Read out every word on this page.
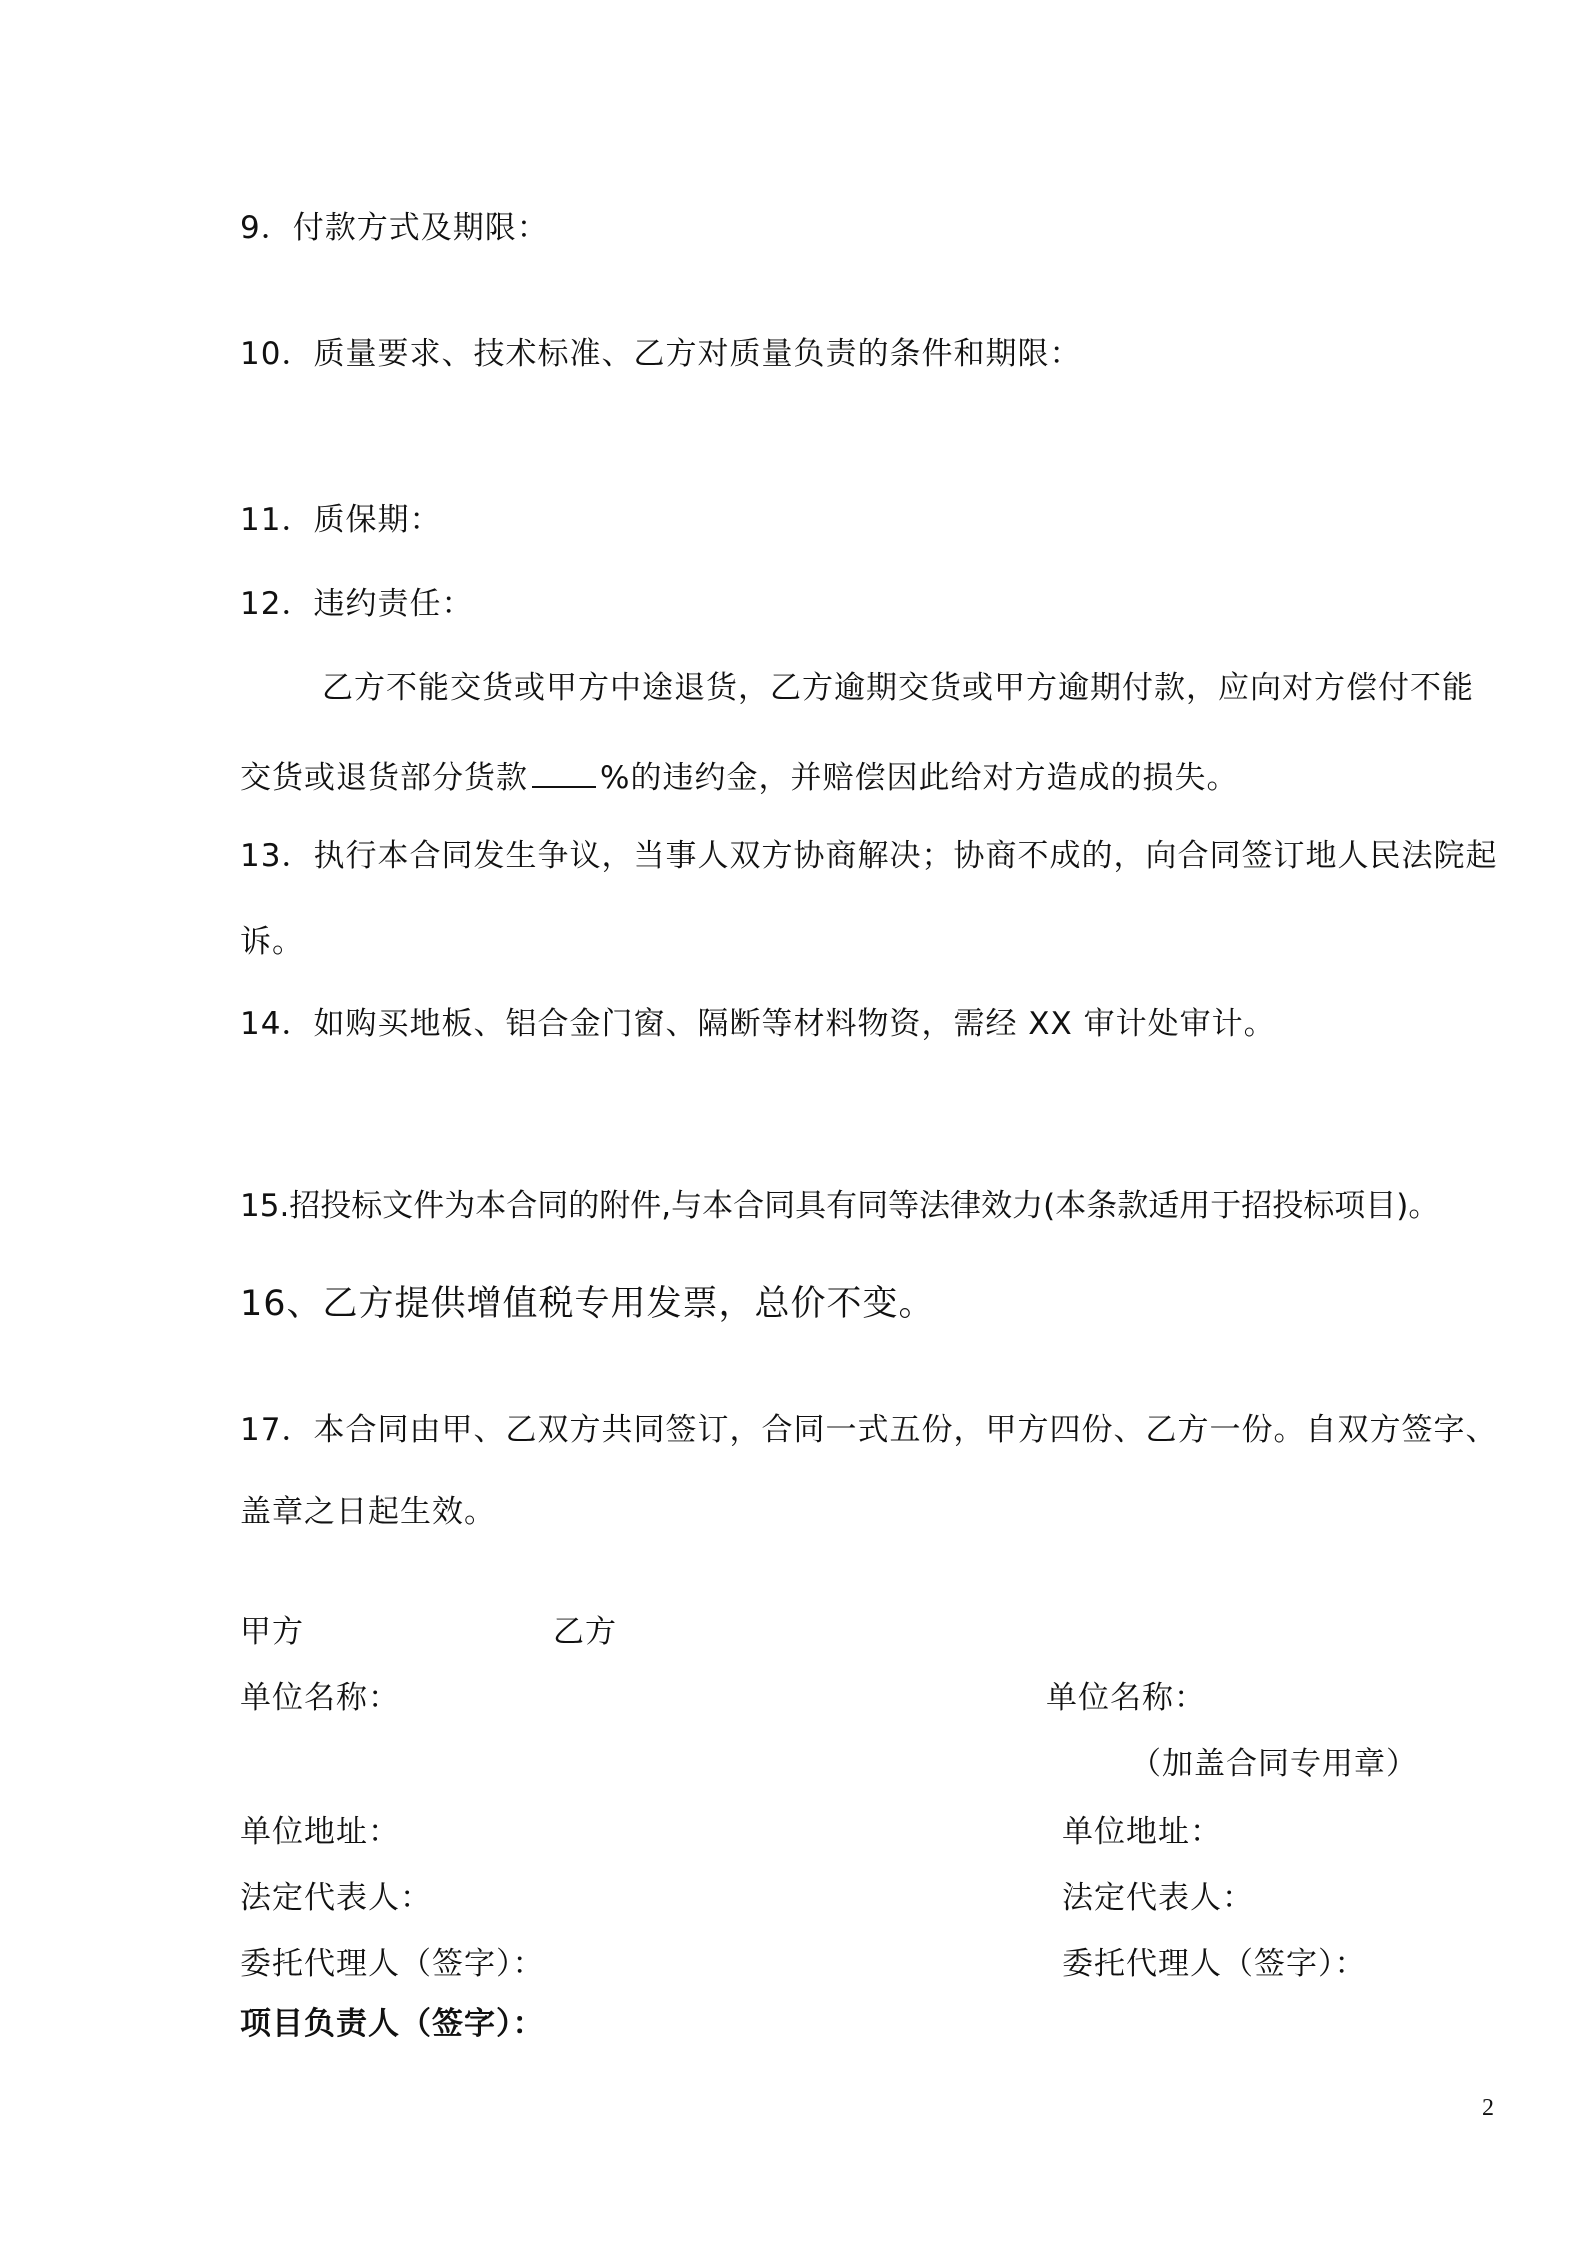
9．付款方式及期限：
10．质量要求、技术标准、乙方对质量负责的条件和期限：
11．质保期：
12．违约责任：
乙方不能交货或甲方中途退货，乙方逾期交货或甲方逾期付款，应向对方偿付不能
交货或退货部分货款 %的违约金，并赔偿因此给对方造成的损失。
13．执行本合同发生争议，当事人双方协商解决；协商不成的，向合同签订地人民法院起
诉。
14．如购买地板、铝合金门窗、隔断等材料物资，需经 XX 审计处审计。
15.招投标文件为本合同的附件,与本合同具有同等法律效力(本条款适用于招投标项目)。
16、乙方提供增值税专用发票，总价不变。
17．本合同由甲、乙双方共同签订，合同一式五份，甲方四份、乙方一份。自双方签字、
盖章之日起生效。
甲方	乙方
单位名称：	单位名称：
（加盖合同专用章）
单位地址：	单位地址：
法定代表人：	法定代表人：
委托代理人（签字）：	委托代理人（签字）：
项目负责人（签字）：
2
